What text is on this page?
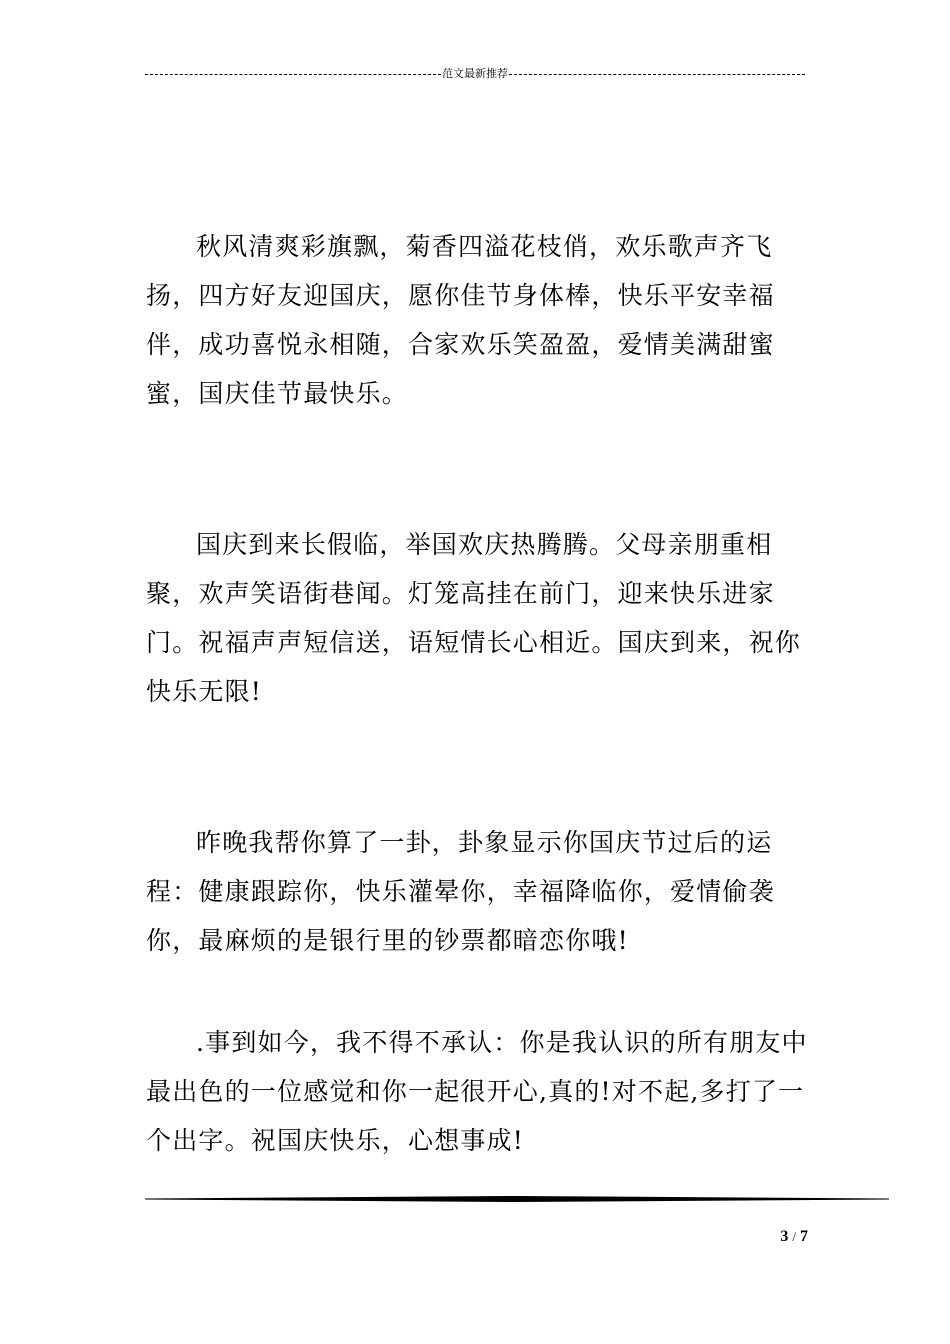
范文最新推荐

秋风清爽彩旗飘，菊香四溢花枝俏，欢乐歌声齐飞扬，四方好友迎国庆，愿你佳节身体棒，快乐平安幸福伴，成功喜悦永相随，合家欢乐笑盈盈，爱情美满甜蜜蜜，国庆佳节最快乐。

国庆到来长假临，举国欢庆热腾腾。父母亲朋重相聚，欢声笑语街巷闻。灯笼高挂在前门，迎来快乐进家门。祝福声声短信送，语短情长心相近。国庆到来，祝你快乐无限!

昨晚我帮你算了一卦，卦象显示你国庆节过后的运程：健康跟踪你，快乐灌晕你，幸福降临你，爱情偷袭你，最麻烦的是银行里的钞票都暗恋你哦!

.事到如今，我不得不承认：你是我认识的所有朋友中最出色的一位感觉和你一起很开心,真的!对不起,多打了一个出字。祝国庆快乐，心想事成!

3 / 7
